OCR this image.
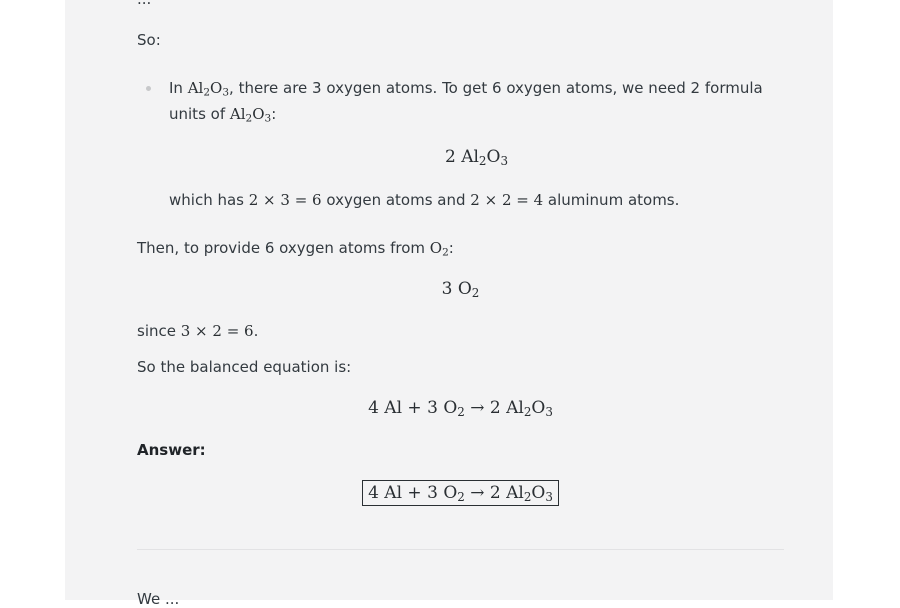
So:
In $Al_2O_3$, there are 3 oxygen atoms. To get 6 oxygen atoms, we need 2 formula
units of $Al_2O_3$:
2 $Al_2O_3$
which has 2 × 3 = 6 oxygen atoms and 2 × 2 = 4 aluminum atoms.
Then, to provide 6 oxygen atoms from $O_2$:
3 $O_2$
since 3 × 2 = 6.
So the balanced equation is:
4 Al + 3 $O_2 \to 2$ $Al_2O_3$
Answer:
4 Al + 3 $O_2 \to 2$ $Al_2O_3$
We ...
